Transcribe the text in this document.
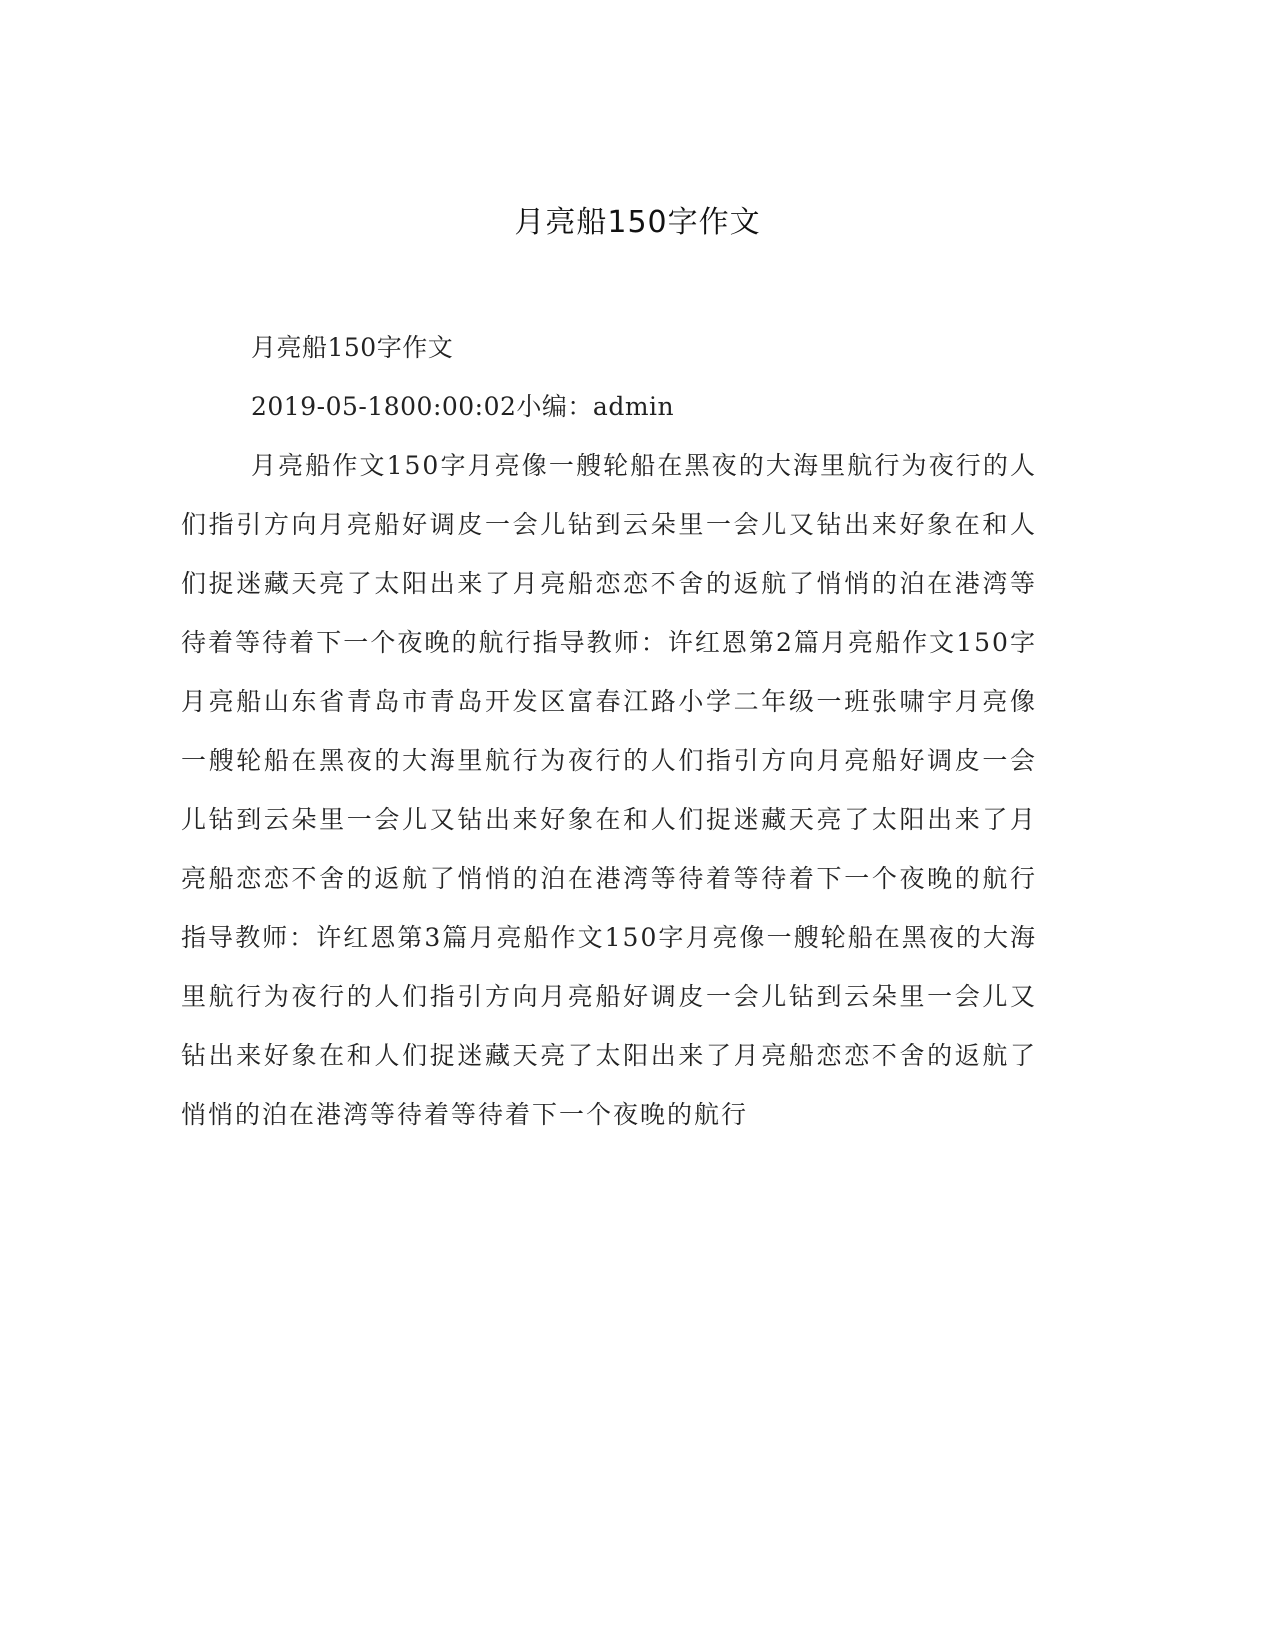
月亮船150字作文

月亮船150字作文

2019-05-1800:00:02小编：admin

月亮船作文150字月亮像一艘轮船在黑夜的大海里航行为夜行的人们指引方向月亮船好调皮一会儿钻到云朵里一会儿又钻出来好象在和人们捉迷藏天亮了太阳出来了月亮船恋恋不舍的返航了悄悄的泊在港湾等待着等待着下一个夜晚的航行指导教师：许红恩第2篇月亮船作文150字月亮船山东省青岛市青岛开发区富春江路小学二年级一班张啸宇月亮像一艘轮船在黑夜的大海里航行为夜行的人们指引方向月亮船好调皮一会儿钻到云朵里一会儿又钻出来好象在和人们捉迷藏天亮了太阳出来了月亮船恋恋不舍的返航了悄悄的泊在港湾等待着等待着下一个夜晚的航行指导教师：许红恩第3篇月亮船作文150字月亮像一艘轮船在黑夜的大海里航行为夜行的人们指引方向月亮船好调皮一会儿钻到云朵里一会儿又钻出来好象在和人们捉迷藏天亮了太阳出来了月亮船恋恋不舍的返航了悄悄的泊在港湾等待着等待着下一个夜晚的航行
